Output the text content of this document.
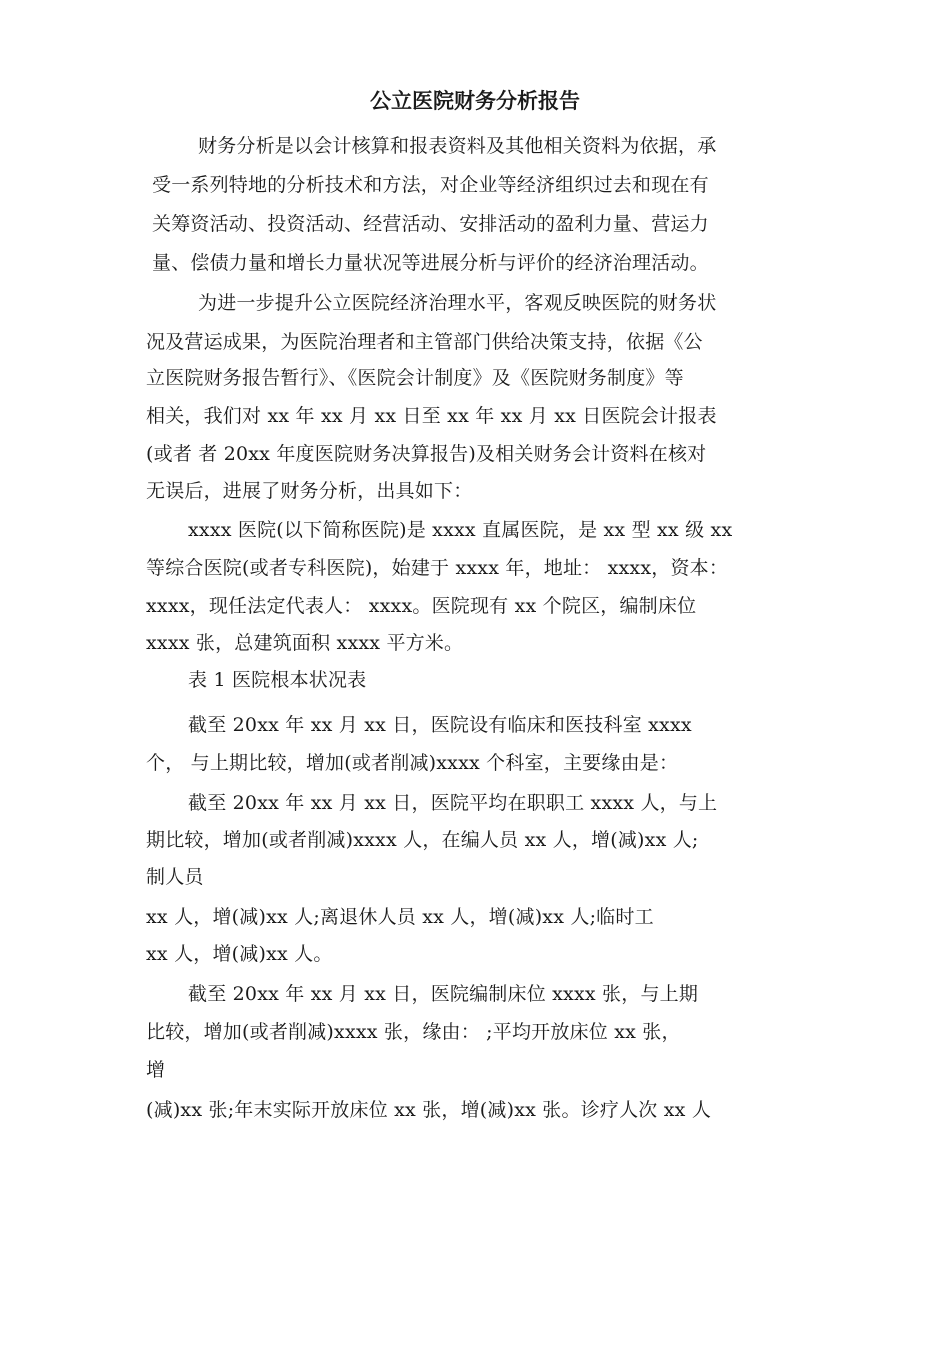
公立医院财务分析报告
财务分析是以会计核算和报表资料及其他相关资料为依据，承
受一系列特地的分析技术和方法，对企业等经济组织过去和现在有
关筹资活动、投资活动、经营活动、安排活动的盈利力量、营运力
量、偿债力量和增长力量状况等进展分析与评价的经济治理活动。
为进一步提升公立医院经济治理水平，客观反映医院的财务状
况及营运成果，为医院治理者和主管部门供给决策支持，依据《公
立医院财务报告暂行》、《医院会计制度》及《医院财务制度》等
相关，我们对 xx 年 xx 月 xx 日至 xx 年 xx 月 xx 日医院会计报表
(或者 者 20xx 年度医院财务决算报告)及相关财务会计资料在核对
无误后，进展了财务分析，出具如下：
xxxx 医院(以下简称医院)是 xxxx 直属医院，是 xx 型 xx 级 xx
等综合医院(或者专科医院)，始建于 xxxx 年，地址： xxxx，资本：
xxxx，现任法定代表人： xxxx。医院现有 xx 个院区，编制床位
xxxx 张，总建筑面积 xxxx 平方米。
表 1 医院根本状况表
截至 20xx 年 xx 月 xx 日，医院设有临床和医技科室 xxxx
个， 与上期比较，增加(或者削减)xxxx 个科室，主要缘由是：
截至 20xx 年 xx 月 xx 日，医院平均在职职工 xxxx 人，与上
期比较，增加(或者削减)xxxx 人，在编人员 xx 人，增(减)xx 人;
制人员
xx 人，增(减)xx 人;离退休人员 xx 人，增(减)xx 人;临时工
xx 人，增(减)xx 人。
截至 20xx 年 xx 月 xx 日，医院编制床位 xxxx 张，与上期
比较，增加(或者削减)xxxx 张，缘由： ;平均开放床位 xx 张，
增
(减)xx 张;年末实际开放床位 xx 张，增(减)xx 张。诊疗人次 xx 人
